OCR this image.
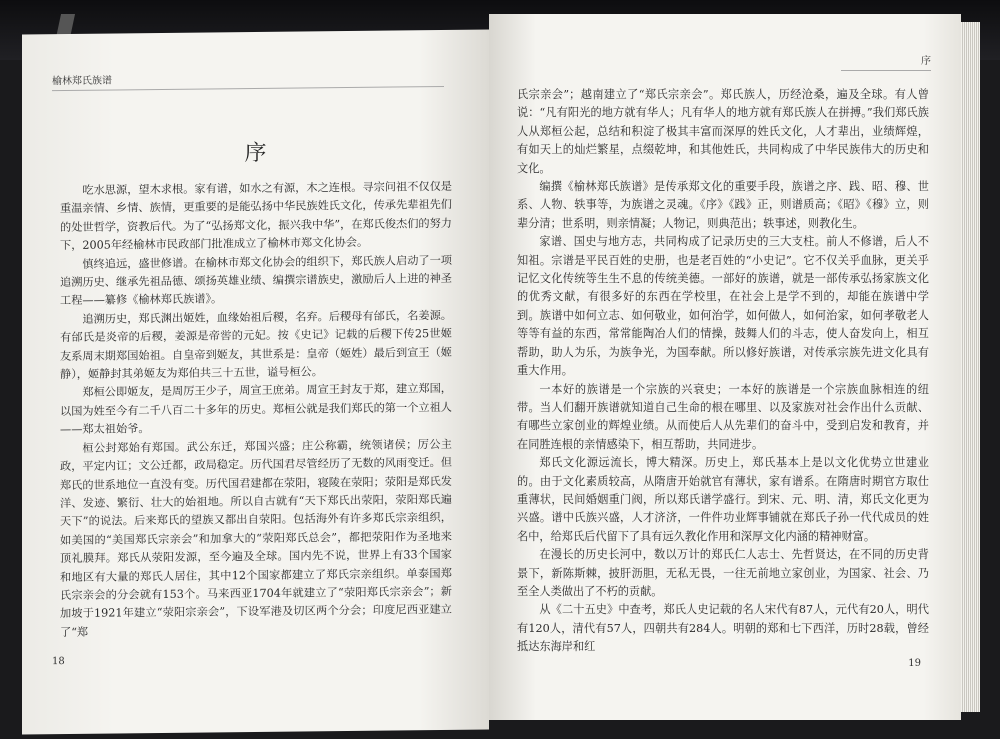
榆林郑氏族谱
序

吃水思源，望木求根。家有谱，如水之有源，木之连根。寻宗问祖不仅仅是重温亲情、乡情、族情，更重要的是能弘扬中华民族姓氏文化，传承先辈祖先们的处世哲学，资教后代。为了“弘扬郑文化，振兴我中华”，在郑氏俊杰们的努力下，2005年经榆林市民政部门批准成立了榆林市郑文化协会。

慎终追远，盛世修谱。在榆林市郑文化协会的组织下，郑氏族人启动了一项追溯历史、继承先祖品德、颂扬英雄业绩、编撰宗谱族史，激励后人上进的神圣工程——纂修《榆林郑氏族谱》。

追溯历史，郑氏渊出姬姓，血缘始祖后稷，名弃。后稷母有邰氏，名姜源。有邰氏是炎帝的后稷，姜源是帝喾的元妃。按《史记》记载的后稷下传25世姬友系周末期郑国始祖。自皇帝到姬友，其世系是：皇帝（姬姓）最后到宣王（姬静），姬静封其弟姬友为郑伯共三十五世，谥号桓公。

郑桓公即姬友，是周厉王少子，周宣王庶弟。周宣王封友于郑，建立郑国，以国为姓至今有二千八百二十多年的历史。郑桓公就是我们郑氏的第一个立祖人——郑太祖始爷。

桓公封郑始有郑国。武公东迁，郑国兴盛；庄公称霸，统领诸侯；厉公主政，平定内讧；文公迁都，政局稳定。历代国君尽管经历了无数的风雨变迁。但郑氏的世系地位一直没有变。历代国君建都在荥阳，寝陵在荥阳；荥阳是郑氏发洋、发迹、繁衍、壮大的始祖地。所以自古就有“天下郑氏出荥阳，荥阳郑氏遍天下”的说法。后来郑氏的望族又都出自荥阳。包括海外有许多郑氏宗亲组织，如美国的“美国郑氏宗亲会”和加拿大的“荥阳郑氏总会”，都把荥阳作为圣地来顶礼膜拜。郑氏从荥阳发源，至今遍及全球。国内先不说，世界上有33个国家和地区有大量的郑氏人居住，其中12个国家都建立了郑氏宗亲组织。单泰国郑氏宗亲会的分会就有153个。马来西亚1704年就建立了“荥阳郑氏宗亲会”；新加坡于1921年建立“荥阳宗亲会”，下设军港及切区两个分会；印度尼西亚建立了“郑

18
序

氏宗亲会”；越南建立了“郑氏宗亲会”。郑氏族人，历经沧桑，遍及全球。有人曾说：“凡有阳光的地方就有华人；凡有华人的地方就有郑氏族人在拼搏。”我们郑氏族人从郑桓公起，总结和积淀了极其丰富而深厚的姓氏文化，人才辈出，业绩辉煌，有如天上的灿烂繁星，点缀乾坤，和其他姓氏，共同构成了中华民族伟大的历史和文化。

编撰《榆林郑氏族谱》是传承郑文化的重要手段，族谱之序、践、昭、穆、世系、人物、轶事等，为族谱之灵魂。《序》《践》正，则谱质高；《昭》《穆》立，则辈分清；世系明，则亲情凝；人物记，则典范出；轶事述，则教化生。

家谱、国史与地方志，共同构成了记录历史的三大支柱。前人不修谱，后人不知祖。宗谱是平民百姓的史册，也是老百姓的“小史记”。它不仅关乎血脉，更关乎记忆文化传统等生生不息的传统美德。一部好的族谱，就是一部传承弘扬家族文化的优秀文献，有很多好的东西在学校里，在社会上是学不到的，却能在族谱中学到。族谱中如何立志、如何敬业，如何治学，如何做人，如何治家，如何孝敬老人等等有益的东西，常常能陶冶人们的情操，鼓舞人们的斗志，使人奋发向上，相互帮助，助人为乐，为族争光，为国奉献。所以修好族谱，对传承宗族先进文化具有重大作用。

一本好的族谱是一个宗族的兴衰史；一本好的族谱是一个宗族血脉相连的纽带。当人们翻开族谱就知道自己生命的根在哪里、以及家族对社会作出什么贡献、有哪些立家创业的辉煌业绩。从而使后人从先辈们的奋斗中，受到启发和教育，并在同胜连根的亲情感染下，相互帮助，共同进步。

郑氏文化源远流长，博大精深。历史上，郑氏基本上是以文化优势立世建业的。由于文化素质较高，从隋唐开始就官有薄状，家有谱系。在隋唐时期官方取仕重薄状，民间婚姻重门阀，所以郑氏谱学盛行。到宋、元、明、清，郑氏文化更为兴盛。谱中氏族兴盛，人才济济，一件件功业辉事铺就在郑氏子孙一代代成员的姓名中，给郑氏后代留下了具有远久教化作用和深厚文化内涵的精神财富。

在漫长的历史长河中，数以万计的郑氏仁人志士、先哲贤达，在不同的历史背景下，新陈斯棘，披肝沥胆，无私无畏，一往无前地立家创业，为国家、社会、乃至全人类做出了不朽的贡献。

从《二十五史》中查考，郑氏人史记载的名人宋代有87人，元代有20人，明代有120人，清代有57人，四朝共有284人。明朝的郑和七下西洋，历时28载，曾经抵达东海岸和红

19
